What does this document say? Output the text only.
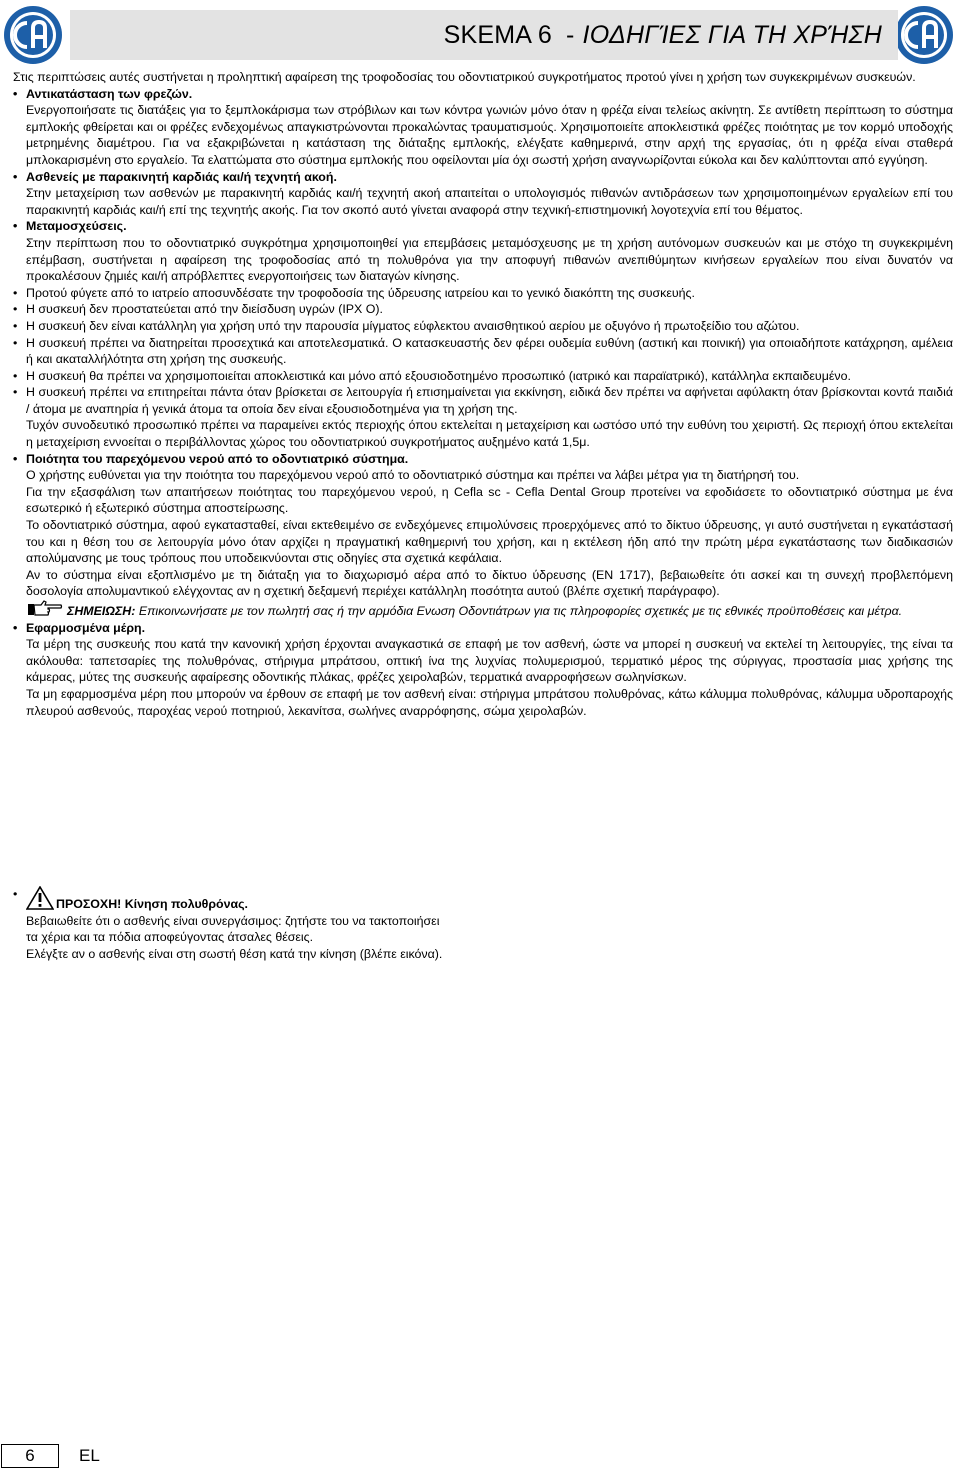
SKEMA 6 - ΙΟΔΗΓΊΕΣ ΓΙΑ ΤΗ ΧΡΉΣΗ

Στις περιπτώσεις αυτές συστήνεται η προληπτική αφαίρεση της τροφοδοσίας του οδοντιατρικού συγκροτήματος προτού γίνει η χρήση των συγκεκριμένων συσκευών.

• Αντικατάσταση των φρεζών.

Ενεργοποιήσατε τις διατάξεις για το ξεμπλοκάρισμα των στρόβιλων και των κόντρα γωνιών μόνο όταν η φρέζα είναι τελείως ακίνητη. Σε αντίθετη περίπτωση το σύστημα εμπλοκής φθείρεται και οι φρέζες ενδεχομένως απαγκιστρώνονται προκαλώντας τραυματισμούς. Χρησιμοποιείτε αποκλειστικά φρέζες ποιότητας με τον κορμό υποδοχής μετρημένης διαμέτρου. Για να εξακριβώνεται η κατάσταση της διάταξης εμπλοκής, ελέγξατε καθημερινά, στην αρχή της εργασίας, ότι η φρέζα είναι σταθερά μπλοκαρισμένη στο εργαλείο. Τα ελαττώματα στο σύστημα εμπλοκής που οφείλονται μία όχι σωστή χρήση αναγνωρίζονται εύκολα και δεν καλύπτονται από εγγύηση.

• Ασθενείς με παρακινητή καρδιάς και/ή τεχνητή ακοή.

Στην μεταχείριση των ασθενών με παρακινητή καρδιάς και/ή τεχνητή ακοή απαιτείται ο υπολογισμός πιθανών αντιδράσεων των χρησιμοποιημένων εργαλείων επί του παρακινητή καρδιάς και/ή επί της τεχνητής ακοής. Για τον σκοπό αυτό γίνεται αναφορά στην τεχνική-επιστημονική λογοτεχνία επί του θέματος.

• Μεταμοσχεύσεις.

Στην περίπτωση που το οδοντιατρικό συγκρότημα χρησιμοποιηθεί για επεμβάσεις μεταμόσχευσης με τη χρήση αυτόνομων συσκευών και με στόχο τη συγκεκριμένη επέμβαση, συστήνεται η αφαίρεση της τροφοδοσίας από τη πολυθρόνα για την αποφυγή πιθανών ανεπιθύμητων κινήσεων εργαλείων που είναι δυνατόν να προκαλέσουν ζημιές και/ή απρόβλεπτες ενεργοποιήσεις των διαταγών κίνησης.

• Προτού φύγετε από το ιατρείο αποσυνδέσατε την τροφοδοσία της ύδρευσης ιατρείου και το γενικό διακόπτη της συσκευής.

• Η συσκευή δεν προστατεύεται από την διείσδυση υγρών (IPX O).

• Η συσκευή δεν είναι κατάλληλη για χρήση υπό την παρουσία μίγματος εύφλεκτου αναισθητικού αερίου με οξυγόνο ή πρωτοξείδιο του αζώτου.

• Η συσκευή πρέπει να διατηρείται προσεχτικά και αποτελεσματικά. Ο κατασκευαστής δεν φέρει ουδεμία ευθύνη (αστική και ποινική) για οποιαδήποτε κατάχρηση, αμέλεια ή και ακαταλλήλότητα στη χρήση της συσκευής.

• Η συσκευή θα πρέπει να χρησιμοποιείται αποκλειστικά και μόνο από εξουσιοδοτημένο προσωπικό (ιατρικό και παραϊατρικό), κατάλληλα εκπαιδευμένο.

• Η συσκευή πρέπει να επιτηρείται πάντα όταν βρίσκεται σε λειτουργία ή επισημαίνεται για εκκίνηση, ειδικά δεν πρέπει να αφήνεται αφύλακτη όταν βρίσκονται κοντά παιδιά / άτομα με αναπηρία ή γενικά άτομα τα οποία δεν είναι εξουσιοδοτημένα για τη χρήση της.

Τυχόν συνοδευτικό προσωπικό πρέπει να παραμείνει εκτός περιοχής όπου εκτελείται η μεταχείριση και ωστόσο υπό την ευθύνη του χειριστή. Ως περιοχή όπου εκτελείται η μεταχείριση εννοείται ο περιβάλλοντας χώρος του οδοντιατρικού συγκροτήματος αυξημένο κατά 1,5μ.

• Ποιότητα του παρεχόμενου νερού από το οδοντιατρικό σύστημα.

Ο χρήστης ευθύνεται για την ποιότητα του παρεχόμενου νερού από το οδοντιατρικό σύστημα και πρέπει να λάβει μέτρα για τη διατήρησή του.

Για την εξασφάλιση των απαιτήσεων ποιότητας του παρεχόμενου νερού, η Cefla sc - Cefla Dental Group προτείνει να εφοδιάσετε το οδοντιατρικό σύστημα με ένα εσωτερικό ή εξωτερικό σύστημα αποστείρωσης.

Το οδοντιατρικό σύστημα, αφού εγκατασταθεί, είναι εκτεθειμένο σε ενδεχόμενες επιμολύνσεις προερχόμενες από το δίκτυο ύδρευσης, γι αυτό συστήνεται η εγκατάστασή του και η θέση του σε λειτουργία μόνο όταν αρχίζει η πραγματική καθημερινή του χρήση, και η εκτέλεση ήδη από την πρώτη μέρα εγκατάστασης των διαδικασιών απολύμανσης με τους τρόπους που υποδεικνύονται στις οδηγίες στα σχετικά κεφάλαια.

Αν το σύστημα είναι εξοπλισμένο με τη διάταξη για το διαχωρισμό αέρα από το δίκτυο ύδρευσης (EN 1717), βεβαιωθείτε ότι ασκεί και τη συνεχή προβλεπόμενη δοσολογία απολυμαντικού ελέγχοντας αν η σχετική δεξαμενή περιέχει κατάλληλη ποσότητα αυτού (βλέπε σχετική παράγραφο).

ΣΗΜΕΙΩΣΗ: Επικοινωνήσατε με τον πωλητή σας ή την αρμόδια Ενωση Οδοντιάτρων για τις πληροφορίες σχετικές με τις εθνικές προϋποθέσεις και μέτρα.

• Εφαρμοσμένα μέρη.

Τα μέρη της συσκευής που κατά την κανονική χρήση έρχονται αναγκαστικά σε επαφή με τον ασθενή, ώστε να μπορεί η συσκευή να εκτελεί τη λειτουργίες, της είναι τα ακόλουθα: ταπετσαρίες της πολυθρόνας, στήριγμα μπράτσου, οπτική ίνα της λυχνίας πολυμερισμού, τερματικό μέρος της σύριγγας, προστασία μιας χρήσης της κάμερας, μύτες της συσκευής αφαίρεσης οδοντικής πλάκας, φρέζες χειρολαβών, τερματικά αναρροφήσεων σωληνίσκων.

Τα μη εφαρμοσμένα μέρη που μπορούν να έρθουν σε επαφή με τον ασθενή είναι: στήριγμα μπράτσου πολυθρόνας, κάτω κάλυμμα πολυθρόνας, κάλυμμα υδροπαροχής πλευρού ασθενούς, παροχέας νερού ποτηριού, λεκανίτσα, σωλήνες αναρρόφησης, σώμα χειρολαβών.

• ΠΡΟΣΟΧΗ! Κίνηση πολυθρόνας.

Βεβαιωθείτε ότι ο ασθενής είναι συνεργάσιμος: ζητήστε του να τακτοποιήσει

τα χέρια και τα πόδια αποφεύγοντας άτσαλες θέσεις.

Ελέγξτε αν ο ασθενής είναι στη σωστή θέση κατά την κίνηση (βλέπε εικόνα).

6	EL
